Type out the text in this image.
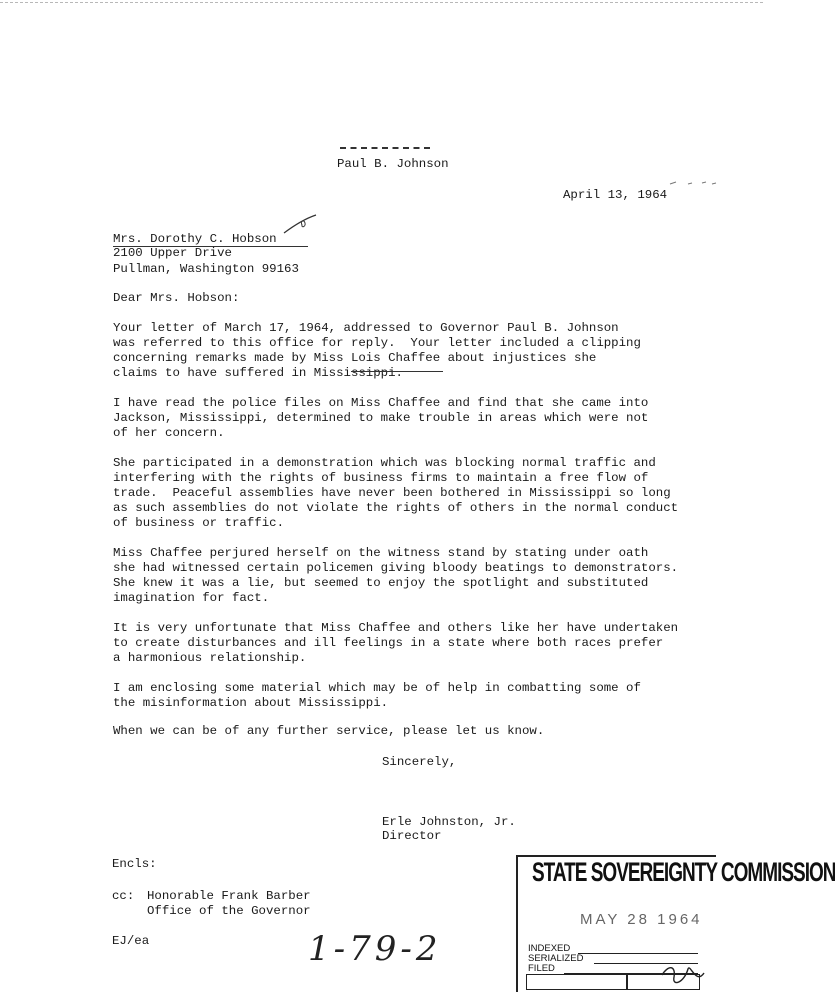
Paul B. Johnson
April 13, 1964
Mrs. Dorothy C. Hobson
2100 Upper Drive
Pullman, Washington 99163
Dear Mrs. Hobson:
Your letter of March 17, 1964, addressed to Governor Paul B. Johnson
was referred to this office for reply.  Your letter included a clipping
concerning remarks made by Miss Lois Chaffee about injustices she
claims to have suffered in Mississippi.
I have read the police files on Miss Chaffee and find that she came into
Jackson, Mississippi, determined to make trouble in areas which were not
of her concern.
She participated in a demonstration which was blocking normal traffic and
interfering with the rights of business firms to maintain a free flow of
trade.  Peaceful assemblies have never been bothered in Mississippi so long
as such assemblies do not violate the rights of others in the normal conduct
of business or traffic.
Miss Chaffee perjured herself on the witness stand by stating under oath
she had witnessed certain policemen giving bloody beatings to demonstrators.
She knew it was a lie, but seemed to enjoy the spotlight and substituted
imagination for fact.
It is very unfortunate that Miss Chaffee and others like her have undertaken
to create disturbances and ill feelings in a state where both races prefer
a harmonious relationship.
I am enclosing some material which may be of help in combatting some of
the misinformation about Mississippi.
When we can be of any further service, please let us know.
Sincerely,
Erle Johnston, Jr.
Director
Encls:
cc: Honorable Frank Barber
Office of the Governor
EJ/ea	1-79-2
STATE SOVEREIGNTY COMMISSION
MAY 28 1964
INDEXED
SERIALIZED
FILED
